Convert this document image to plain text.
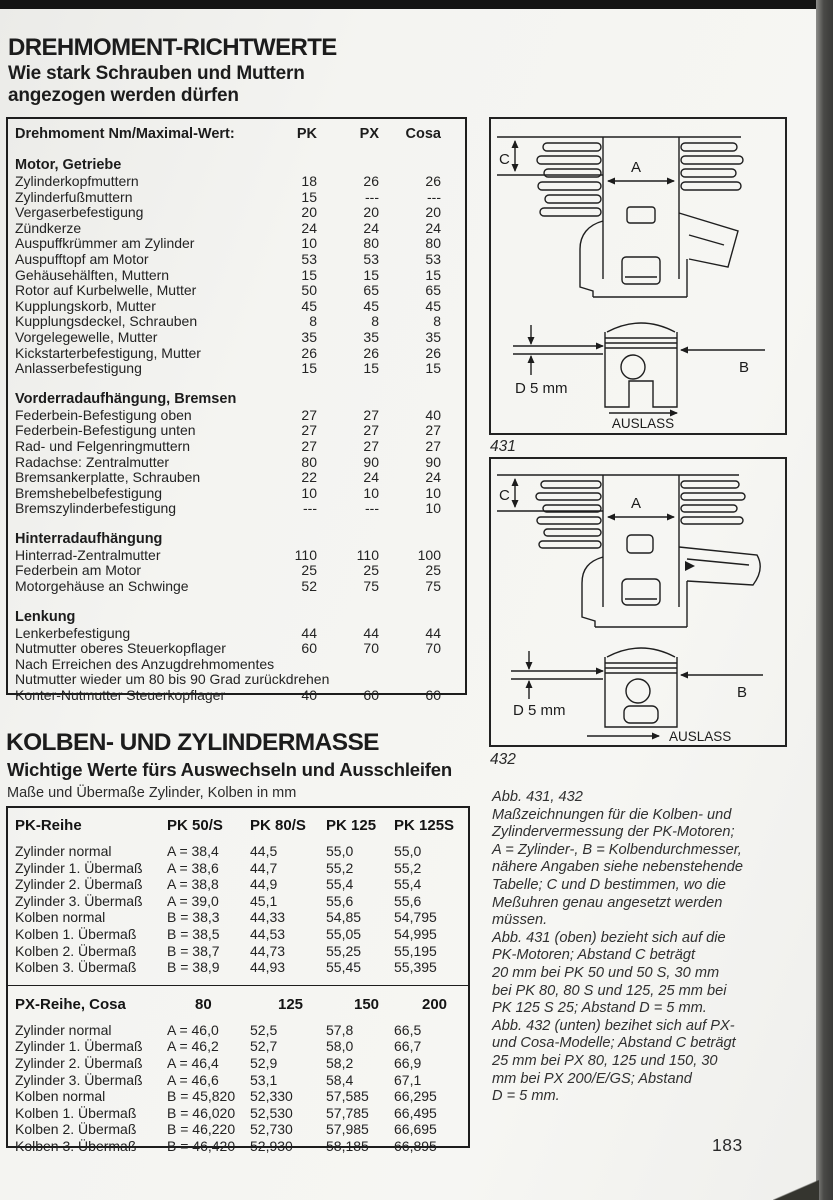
DREHMOMENT-RICHTWERTE
Wie stark Schrauben und Muttern
angezogen werden dürfen
Drehmoment Nm/Maximal-Wert:	PK	PX	Cosa
Motor, Getriebe
Zylinderkopfmuttern	18	26	26
Zylinderfußmuttern	15	---	---
Vergaserbefestigung	20	20	20
Zündkerze	24	24	24
Auspuffkrümmer am Zylinder	10	80	80
Auspufftopf am Motor	53	53	53
Gehäusehälften, Muttern	15	15	15
Rotor auf Kurbelwelle, Mutter	50	65	65
Kupplungskorb, Mutter	45	45	45
Kupplungsdeckel, Schrauben	8	8	8
Vorgelegewelle, Mutter	35	35	35
Kickstarterbefestigung, Mutter	26	26	26
Anlasserbefestigung	15	15	15
Vorderradaufhängung, Bremsen
Federbein-Befestigung oben	27	27	40
Federbein-Befestigung unten	27	27	27
Rad- und Felgenringmuttern	27	27	27
Radachse: Zentralmutter	80	90	90
Bremsankerplatte, Schrauben	22	24	24
Bremshebelbefestigung	10	10	10
Bremszylinderbefestigung	---	---	10
Hinterradaufhängung
Hinterrad-Zentralmutter	110	110	100
Federbein am Motor	25	25	25
Motorgehäuse an Schwinge	52	75	75
Lenkung
Lenkerbefestigung	44	44	44
Nutmutter oberes Steuerkopflager	60	70	70
Nach Erreichen des Anzugdrehmomentes
Nutmutter wieder um 80 bis 90 Grad zurückdrehen
Konter-Nutmutter Steuerkopflager	40	60	60
KOLBEN- UND ZYLINDERMASSE
Wichtige Werte fürs Auswechseln und Ausschleifen
Maße und Übermaße Zylinder, Kolben in mm
PK-Reihe	PK 50/S	PK 80/S	PK 125	PK 125S
Zylinder normal	A = 38,4	44,5	55,0	55,0
Zylinder 1. Übermaß	A = 38,6	44,7	55,2	55,2
Zylinder 2. Übermaß	A = 38,8	44,9	55,4	55,4
Zylinder 3. Übermaß	A = 39,0	45,1	55,6	55,6
Kolben normal	B = 38,3	44,33	54,85	54,795
Kolben 1. Übermaß	B = 38,5	44,53	55,05	54,995
Kolben 2. Übermaß	B = 38,7	44,73	55,25	55,195
Kolben 3. Übermaß	B = 38,9	44,93	55,45	55,395
PX-Reihe, Cosa	80	125	150	200
Zylinder normal	A = 46,0	52,5	57,8	66,5
Zylinder 1. Übermaß	A = 46,2	52,7	58,0	66,7
Zylinder 2. Übermaß	A = 46,4	52,9	58,2	66,9
Zylinder 3. Übermaß	A = 46,6	53,1	58,4	67,1
Kolben normal	B = 45,820	52,330	57,585	66,295
Kolben 1. Übermaß	B = 46,020	52,530	57,785	66,495
Kolben 2. Übermaß	B = 46,220	52,730	57,985	66,695
Kolben 3. Übermaß	B = 46,420	52,930	58,185	66,895
C	A
B
D 5 mm
AUSLASS
431
C	A
B
D 5 mm
AUSLASS
432
Abb. 431, 432
Maßzeichnungen für die Kolben- und
Zylindervermessung der PK-Motoren;
A = Zylinder-, B = Kolbendurchmesser,
nähere Angaben siehe nebenstehende
Tabelle; C und D bestimmen, wo die
Meßuhren genau angesetzt werden
müssen.
Abb. 431 (oben) bezieht sich auf die
PK-Motoren; Abstand C beträgt
20 mm bei PK 50 und 50 S, 30 mm
bei PK 80, 80 S und 125, 25 mm bei
PK 125 S 25; Abstand D = 5 mm.
Abb. 432 (unten) bezihet sich auf PX-
und Cosa-Modelle; Abstand C beträgt
25 mm bei PX 80, 125 und 150, 30
mm bei PX 200/E/GS; Abstand
D = 5 mm.
183
